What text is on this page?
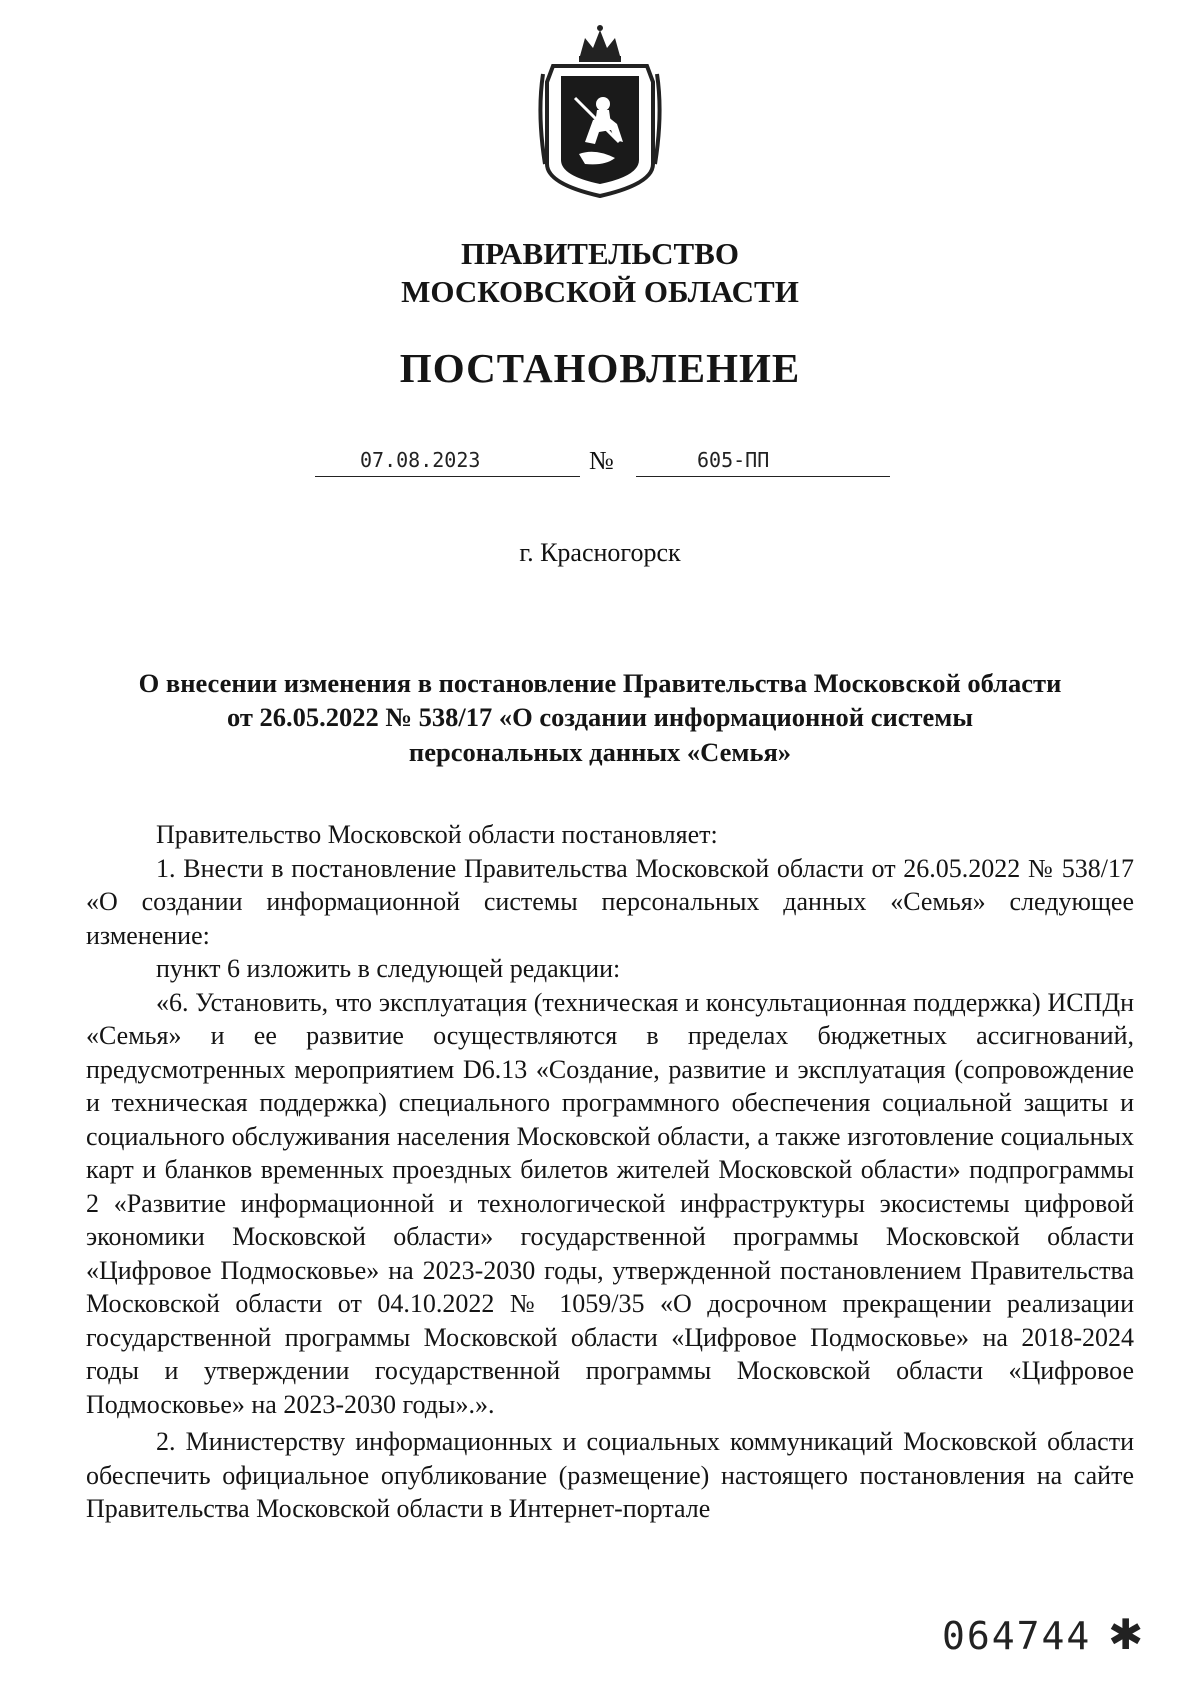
ПРАВИТЕЛЬСТВО
МОСКОВСКОЙ ОБЛАСТИ
ПОСТАНОВЛЕНИЕ
07.08.2023	№	605-ПП
г. Красногорск
О внесении изменения в постановление Правительства Московской области
от 26.05.2022 № 538/17 «О создании информационной системы
персональных данных «Семья»

Правительство Московской области постановляет:

1. Внести в постановление Правительства Московской области от 26.05.2022 № 538/17 «О создании информационной системы персональных данных «Семья» следующее изменение:

пункт 6 изложить в следующей редакции:

«6. Установить, что эксплуатация (техническая и консультационная поддержка) ИСПДн «Семья» и ее развитие осуществляются в пределах бюджетных ассигнований, предусмотренных мероприятием D6.13 «Создание, развитие и эксплуатация (сопровождение и техническая поддержка) специального программного обеспечения социальной защиты и социального обслуживания населения Московской области, а также изготовление социальных карт и бланков временных проездных билетов жителей Московской области» подпрограммы 2 «Развитие информационной и технологической инфраструктуры экосистемы цифровой экономики Московской области» государственной программы Московской области «Цифровое Подмосковье» на 2023-2030 годы, утвержденной постановлением Правительства Московской области от 04.10.2022 № 1059/35 «О досрочном прекращении реализации государственной программы Московской области «Цифровое Подмосковье» на 2018-2024 годы и утверждении государственной программы Московской области «Цифровое Подмосковье» на 2023-2030 годы».».

2. Министерству информационных и социальных коммуникаций Московской области обеспечить официальное опубликование (размещение) настоящего постановления на сайте Правительства Московской области в Интернет-портале

064744 ✱
